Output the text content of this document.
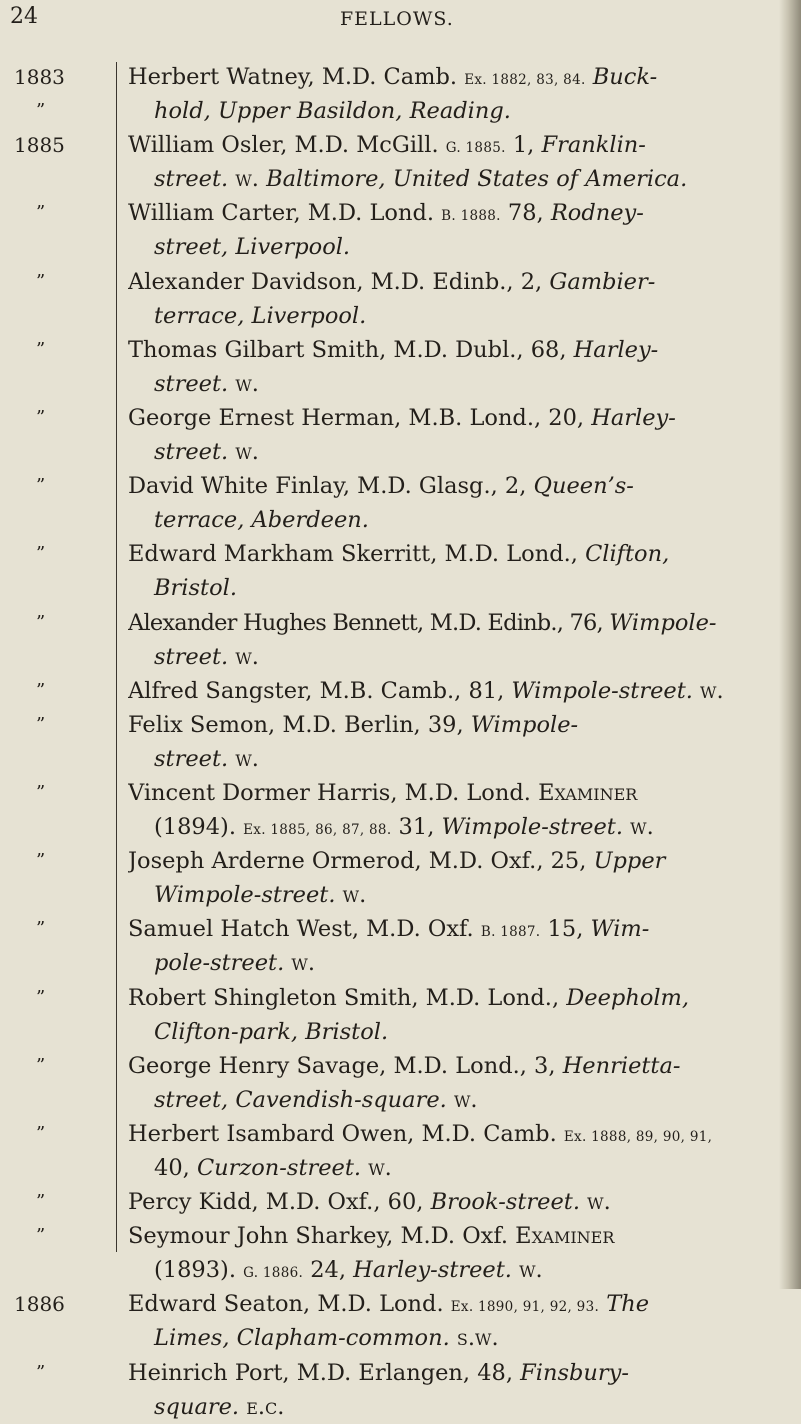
24	FELLOWS.
1883
”
1885
”
”
”
”
”
”
”
”
”
”
”
”
”
”
”
”
”
1886
”
Herbert Watney, M.D. Camb. Ex. 1882, 83, 84. Buck-
hold, Upper Basildon, Reading.
William Osler, M.D. McGill. G. 1885. 1, Franklin-
street. w. Baltimore, United States of America.
William Carter, M.D. Lond. B. 1888. 78, Rodney-
street, Liverpool.
Alexander Davidson, M.D. Edinb., 2, Gambier-
terrace, Liverpool.
Thomas Gilbart Smith, M.D. Dubl., 68, Harley-
street. w.
George Ernest Herman, M.B. Lond., 20, Harley-
street. w.
David White Finlay, M.D. Glasg., 2, Queen’s-
terrace, Aberdeen.
Edward Markham Skerritt, M.D. Lond., Clifton,
Bristol.
Alexander Hughes Bennett, M.D. Edinb., 76, Wimpole-
street. w.
Alfred Sangster, M.B. Camb., 81, Wimpole-street. w.
Felix Semon, M.D. Berlin, 39, Wimpole-
street. w.
Vincent Dormer Harris, M.D. Lond. Examiner
(1894). Ex. 1885, 86, 87, 88. 31, Wimpole-street. w.
Joseph Arderne Ormerod, M.D. Oxf., 25, Upper
Wimpole-street. w.
Samuel Hatch West, M.D. Oxf. B. 1887. 15, Wim-
pole-street. w.
Robert Shingleton Smith, M.D. Lond., Deepholm,
Clifton-park, Bristol.
George Henry Savage, M.D. Lond., 3, Henrietta-
street, Cavendish-square. w.
Herbert Isambard Owen, M.D. Camb. Ex. 1888, 89, 90, 91,
40, Curzon-street. w.
Percy Kidd, M.D. Oxf., 60, Brook-street. w.
Seymour John Sharkey, M.D. Oxf. Examiner
(1893). G. 1886. 24, Harley-street. w.
Edward Seaton, M.D. Lond. Ex. 1890, 91, 92, 93. The
Limes, Clapham-common. s.w.
Heinrich Port, M.D. Erlangen, 48, Finsbury-
square. e.c.
